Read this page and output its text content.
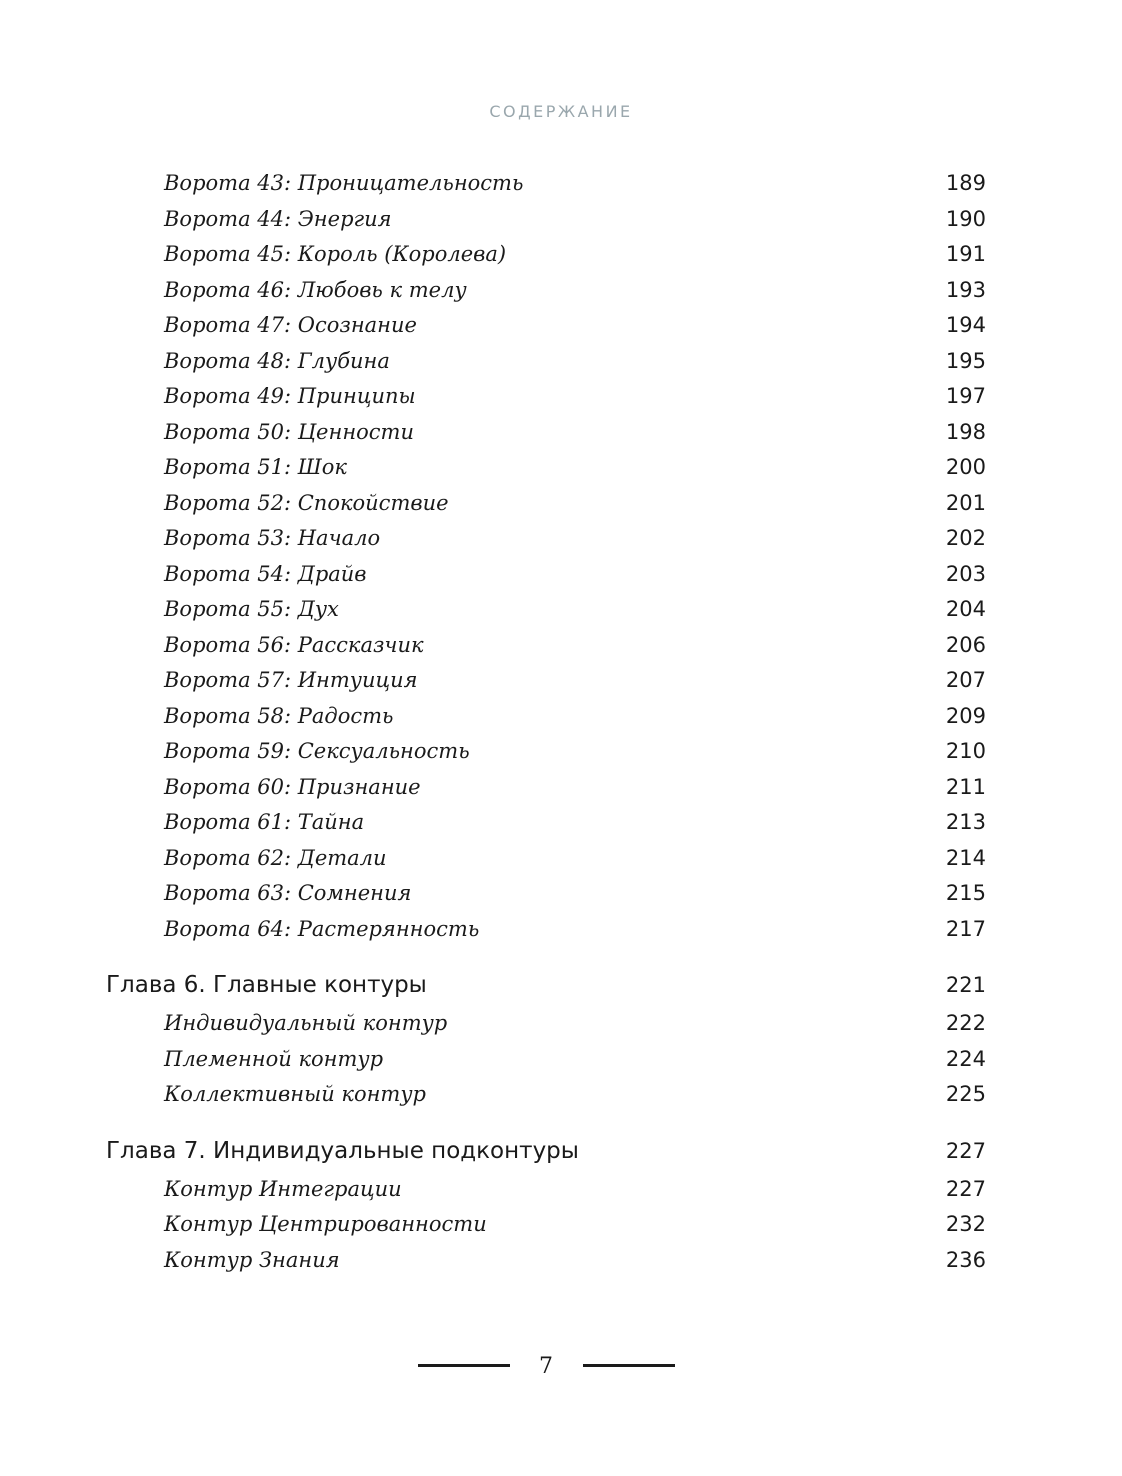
СОДЕРЖАНИЕ
Ворота 43: Проницательность	189
Ворота 44: Энергия	190
Ворота 45: Король (Королева)	191
Ворота 46: Любовь к телу	193
Ворота 47: Осознание	194
Ворота 48: Глубина	195
Ворота 49: Принципы	197
Ворота 50: Ценности	198
Ворота 51: Шок	200
Ворота 52: Спокойствие	201
Ворота 53: Начало	202
Ворота 54: Драйв	203
Ворота 55: Дух	204
Ворота 56: Рассказчик	206
Ворота 57: Интуиция	207
Ворота 58: Радость	209
Ворота 59: Сексуальность	210
Ворота 60: Признание	211
Ворота 61: Тайна	213
Ворота 62: Детали	214
Ворота 63: Сомнения	215
Ворота 64: Растерянность	217
Глава 6. Главные контуры	221
Индивидуальный контур	222
Племенной контур	224
Коллективный контур	225
Глава 7. Индивидуальные подконтуры	227
Контур Интеграции	227
Контур Центрированности	232
Контур Знания	236
7
